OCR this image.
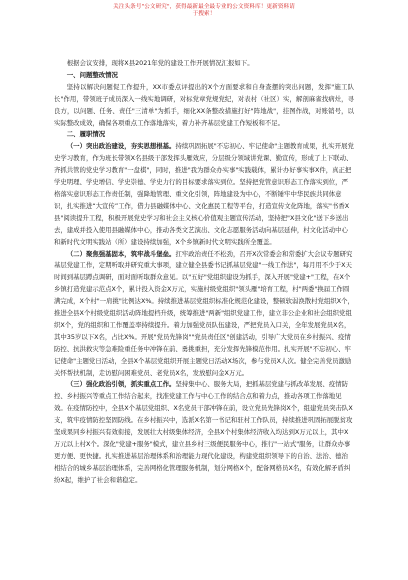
关注头条号"公文研究"，获得最新最全最专业的公文资料库！更新资料请
于搜索！

根据会议安排，现将X县2021年党的建设工作开展情况汇报如下。

一、问题整改情况

坚持以解决问题促工作提升，XX市委点评提出的X个方面要求和自身查摆的突出问题，发挥"施工队长"作用，带领班子成员深入一线实地调研，对标党章党规党纪，对表村（社区）实，解剖麻雀找病灶，寻良方，以问题、任务、责任"三清单"为抓手，细化XX条整改措施打好"阵地战"，挂图作战，对账销号，以实际整改成效，确保各项重点工作落地落实，着力补齐基层党建工作短板和不足。

二、履职情况

（一）突出政治建设，夯实思想根基。持续巩固拓展"不忘初心、牢记使命"主题教育成果，扎实开展党史学习教育，作为班长带领X名县级干部发挥头雁效应，分层级分领域讲党课、勤宣传，形成了上下联动、齐抓共管的党史学习教育"一盘棋"，同时，推进"我为群众办实事"实践载体，累计办好事实事X件，真正把学史明理、学史增信、学史崇德、学史力行的目标要求落实到位。坚持把党管意识形态工作落实到位，严格落实意识形态工作责任制，强降地管理、重文化引领，阵地建设为中心，不断锤牢中华民族共同体意识，扎实推进“大宣传”工作，借力县融媒体中心、文化惠民工程等平台，打造宣传文化阵地，落实"书香X县"阅读提升工程，积极开展党史学习和社会主义核心价值观主题宣传活动，坚持把"X县文化"送下乡送出去，建成并投入使用县融媒体中心，推动各类文艺演出、文化志愿服务活动向基层延伸，村文化活动中心和新时代文明实践站（所）建设持续加强，X个乡镇新时代文明实践所全覆盖。

（二）聚焦强基固本，筑牢战斗堡垒。扛牢政治责任不松劲，召开X次常委会和常委扩大会议专题研究基层党建工作，定期听取并研究重大事项，建立健全县委书记抓基层党建"一线工作法"，每月用不少于X天时间到基层蹲点调研，面对面听取群众意见。以"五好"党组织建设为抓手，深入开展"党建+"工程，在X个乡镇打造党建示范点X个，累计投入资金X万元，实施村级党组织"领头雁"培育工程，村"两委"换届工作圆满完成，X个村"一肩挑"比例达X%。持续推进基层党组织标准化规范化建设，整顿软弱涣散村党组织X个，推进全县X个村级党组织活动阵地提档升级，统筹推进"两新"组织党建工作，建立非公企业和社会组织党组织X个，党的组织和工作覆盖率持续提升。着力加强党员队伍建设，严把党员入口关，全年发展党员X名，其中35岁以下X名，占比X%。开展"党员先锋岗""党员责任区"创建活动，引导广大党员在乡村振兴、疫情防控、抗洪救灾等急难险重任务中冲锋在前、勇挑重担，充分发挥先锋模范作用。扎实开展"不忘初心、牢记使命"主题党日活动，全县X个基层党组织开展主题党日活动X场次，参与党员X人次。健全完善党员激励关怀帮扶机制，走访慰问困难党员、老党员X名，发放慰问金X万元。

（三）强化政治引领，抓实重点工作。坚持集中心、服务大局，把抓基层党建与抓改革发展、疫情防控、乡村振兴等重点工作结合起来，找准党建工作与中心工作的结合点和着力点，推动各项工作落地见效。在疫情防控中，全县X个基层党组织、X名党员干部冲锋在前，设立党员先锋岗X个，组建党员突击队X支，筑牢疫情防控坚固防线。在乡村振兴中，选派X名第一书记和驻村工作队员，持续推进巩固拓展脱贫攻坚成果同乡村振兴有效衔接，发展壮大村级集体经济，全县X个村集体经济收入均达到X万元以上，其中X万元以上村X个。深化"党建+服务"模式，建立县乡村三级便民服务中心，推行"一站式"服务，让群众办事更方便、更快捷。扎实推进基层治理体系和治理能力现代化建设，构建党组织领导下的自治、法治、德治相结合的城乡基层治理体系，完善网格化管理服务机制，划分网格X个，配备网格员X名，有效化解矛盾纠纷X起，维护了社会和谐稳定。
